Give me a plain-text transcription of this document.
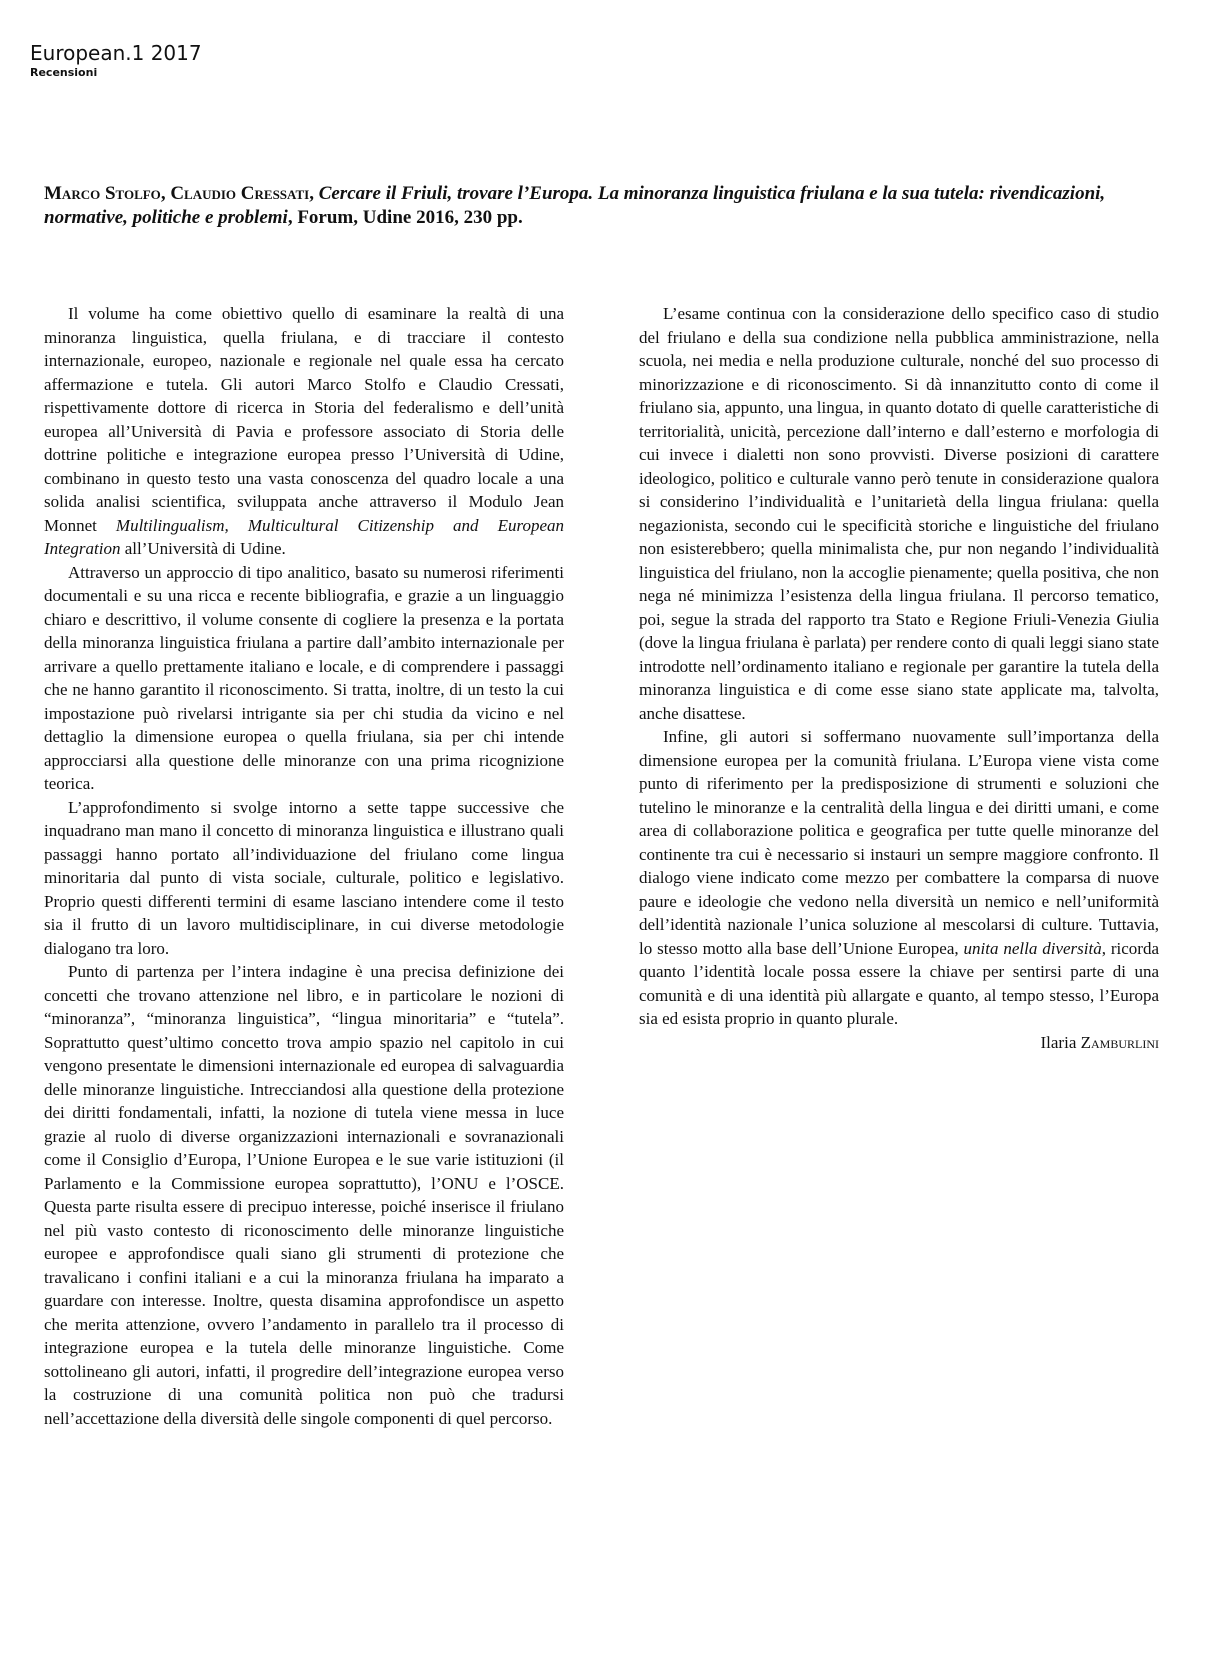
European.1 2017
Recensioni

Marco Stolfo, Claudio Cressati, Cercare il Friuli, trovare l’Europa. La minoranza linguistica friulana e la sua tutela: rivendicazioni, normative, politiche e problemi, Forum, Udine 2016, 230 pp.

Il volume ha come obiettivo quello di esaminare la realtà di una minoranza linguistica, quella friulana, e di tracciare il contesto internazionale, europeo, nazionale e regionale nel quale essa ha cercato affermazione e tutela. Gli autori Marco Stolfo e Claudio Cressati, rispettivamente dottore di ricerca in Storia del federalismo e dell’unità europea all’Università di Pavia e professore associato di Storia delle dottrine politiche e integrazione europea presso l’Università di Udine, combinano in questo testo una vasta conoscenza del quadro locale a una solida analisi scientifica, sviluppata anche attraverso il Modulo Jean Monnet Multilingualism, Multicultural Citizenship and European Integration all’Università di Udine.

Attraverso un approccio di tipo analitico, basato su numerosi riferimenti documentali e su una ricca e recente bibliografia, e grazie a un linguaggio chiaro e descrittivo, il volume consente di cogliere la presenza e la portata della minoranza linguistica friulana a partire dall’ambito internazionale per arrivare a quello prettamente italiano e locale, e di comprendere i passaggi che ne hanno garantito il riconoscimento. Si tratta, inoltre, di un testo la cui impostazione può rivelarsi intrigante sia per chi studia da vicino e nel dettaglio la dimensione europea o quella friulana, sia per chi intende approcciarsi alla questione delle minoranze con una prima ricognizione teorica.

L’approfondimento si svolge intorno a sette tappe successive che inquadrano man mano il concetto di minoranza linguistica e illustrano quali passaggi hanno portato all’individuazione del friulano come lingua minoritaria dal punto di vista sociale, culturale, politico e legislativo. Proprio questi differenti termini di esame lasciano intendere come il testo sia il frutto di un lavoro multidisciplinare, in cui diverse metodologie dialogano tra loro.

Punto di partenza per l’intera indagine è una precisa definizione dei concetti che trovano attenzione nel libro, e in particolare le nozioni di “minoranza”, “minoranza linguistica”, “lingua minoritaria” e “tutela”. Soprattutto quest’ultimo concetto trova ampio spazio nel capitolo in cui vengono presentate le dimensioni internazionale ed europea di salvaguardia delle minoranze linguistiche. Intrecciandosi alla questione della protezione dei diritti fondamentali, infatti, la nozione di tutela viene messa in luce grazie al ruolo di diverse organizzazioni internazionali e sovranazionali come il Consiglio d’Europa, l’Unione Europea e le sue varie istituzioni (il Parlamento e la Commissione europea soprattutto), l’ONU e l’OSCE. Questa parte risulta essere di precipuo interesse, poiché inserisce il friulano nel più vasto contesto di riconoscimento delle minoranze linguistiche europee e approfondisce quali siano gli strumenti di protezione che travalicano i confini italiani e a cui la minoranza friulana ha imparato a guardare con interesse. Inoltre, questa disamina approfondisce un aspetto che merita attenzione, ovvero l’andamento in parallelo tra il processo di integrazione europea e la tutela delle minoranze linguistiche. Come sottolineano gli autori, infatti, il progredire dell’integrazione europea verso la costruzione di una comunità politica non può che tradursi nell’accettazione della diversità delle singole componenti di quel percorso.

L’esame continua con la considerazione dello specifico caso di studio del friulano e della sua condizione nella pubblica amministrazione, nella scuola, nei media e nella produzione culturale, nonché del suo processo di minorizzazione e di riconoscimento. Si dà innanzitutto conto di come il friulano sia, appunto, una lingua, in quanto dotato di quelle caratteristiche di territorialità, unicità, percezione dall’interno e dall’esterno e morfologia di cui invece i dialetti non sono provvisti. Diverse posizioni di carattere ideologico, politico e culturale vanno però tenute in considerazione qualora si considerino l’individualità e l’unitarietà della lingua friulana: quella negazionista, secondo cui le specificità storiche e linguistiche del friulano non esisterebbero; quella minimalista che, pur non negando l’individualità linguistica del friulano, non la accoglie pienamente; quella positiva, che non nega né minimizza l’esistenza della lingua friulana. Il percorso tematico, poi, segue la strada del rapporto tra Stato e Regione Friuli-Venezia Giulia (dove la lingua friulana è parlata) per rendere conto di quali leggi siano state introdotte nell’ordinamento italiano e regionale per garantire la tutela della minoranza linguistica e di come esse siano state applicate ma, talvolta, anche disattese.

Infine, gli autori si soffermano nuovamente sull’importanza della dimensione europea per la comunità friulana. L’Europa viene vista come punto di riferimento per la predisposizione di strumenti e soluzioni che tutelino le minoranze e la centralità della lingua e dei diritti umani, e come area di collaborazione politica e geografica per tutte quelle minoranze del continente tra cui è necessario si instauri un sempre maggiore confronto. Il dialogo viene indicato come mezzo per combattere la comparsa di nuove paure e ideologie che vedono nella diversità un nemico e nell’uniformità dell’identità nazionale l’unica soluzione al mescolarsi di culture. Tuttavia, lo stesso motto alla base dell’Unione Europea, unita nella diversità, ricorda quanto l’identità locale possa essere la chiave per sentirsi parte di una comunità e di una identità più allargate e quanto, al tempo stesso, l’Europa sia ed esista proprio in quanto plurale.

Ilaria Zamburlini
